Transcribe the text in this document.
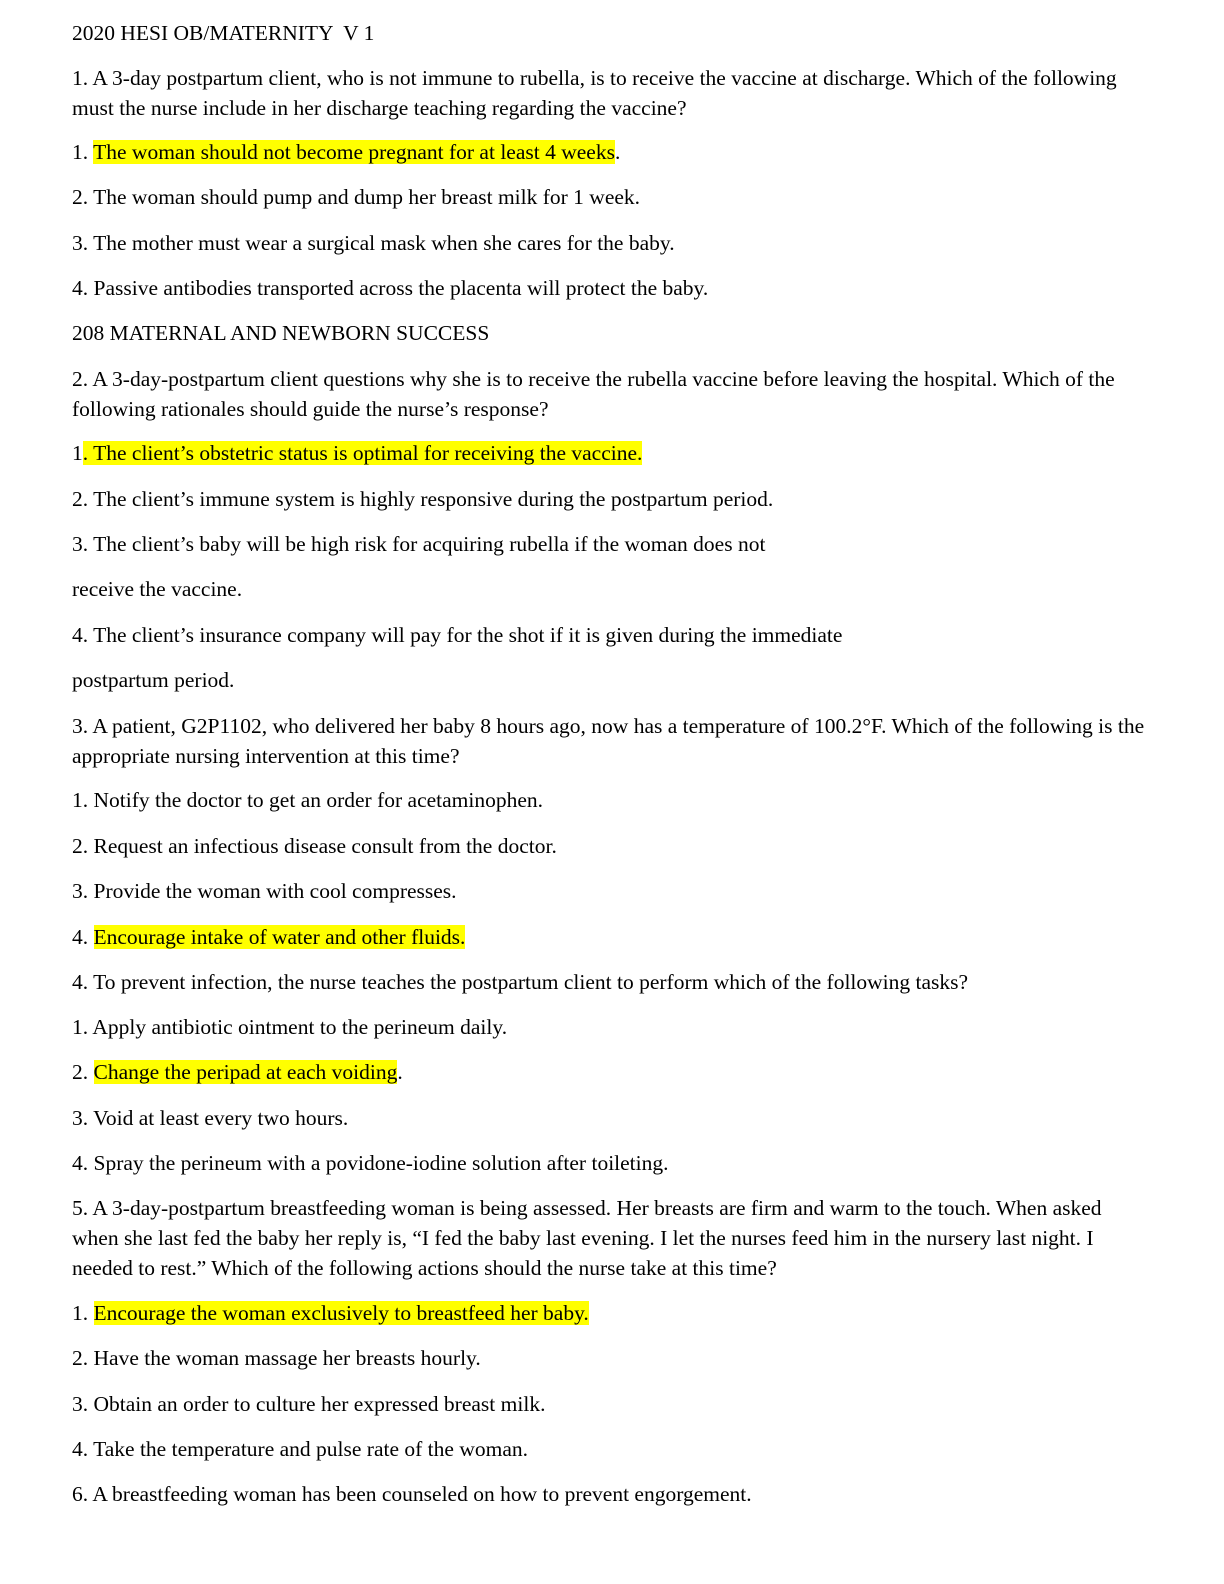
2020 HESI OB/MATERNITY  V 1
1. A 3-day postpartum client, who is not immune to rubella, is to receive the vaccine at discharge. Which of the following must the nurse include in her discharge teaching regarding the vaccine?
1. The woman should not become pregnant for at least 4 weeks.
2. The woman should pump and dump her breast milk for 1 week.
3. The mother must wear a surgical mask when she cares for the baby.
4. Passive antibodies transported across the placenta will protect the baby.
208 MATERNAL AND NEWBORN SUCCESS
2. A 3-day-postpartum client questions why she is to receive the rubella vaccine before leaving the hospital. Which of the following rationales should guide the nurse’s response?
1. The client’s obstetric status is optimal for receiving the vaccine.
2. The client’s immune system is highly responsive during the postpartum period.
3. The client’s baby will be high risk for acquiring rubella if the woman does not
receive the vaccine.
4. The client’s insurance company will pay for the shot if it is given during the immediate
postpartum period.
3. A patient, G2P1102, who delivered her baby 8 hours ago, now has a temperature of 100.2°F. Which of the following is the appropriate nursing intervention at this time?
1. Notify the doctor to get an order for acetaminophen.
2. Request an infectious disease consult from the doctor.
3. Provide the woman with cool compresses.
4. Encourage intake of water and other fluids.
4. To prevent infection, the nurse teaches the postpartum client to perform which of the following tasks?
1. Apply antibiotic ointment to the perineum daily.
2. Change the peripad at each voiding.
3. Void at least every two hours.
4. Spray the perineum with a povidone-iodine solution after toileting.
5. A 3-day-postpartum breastfeeding woman is being assessed. Her breasts are firm and warm to the touch. When asked when she last fed the baby her reply is, “I fed the baby last evening. I let the nurses feed him in the nursery last night. I needed to rest.” Which of the following actions should the nurse take at this time?
1. Encourage the woman exclusively to breastfeed her baby.
2. Have the woman massage her breasts hourly.
3. Obtain an order to culture her expressed breast milk.
4. Take the temperature and pulse rate of the woman.
6. A breastfeeding woman has been counseled on how to prevent engorgement.
